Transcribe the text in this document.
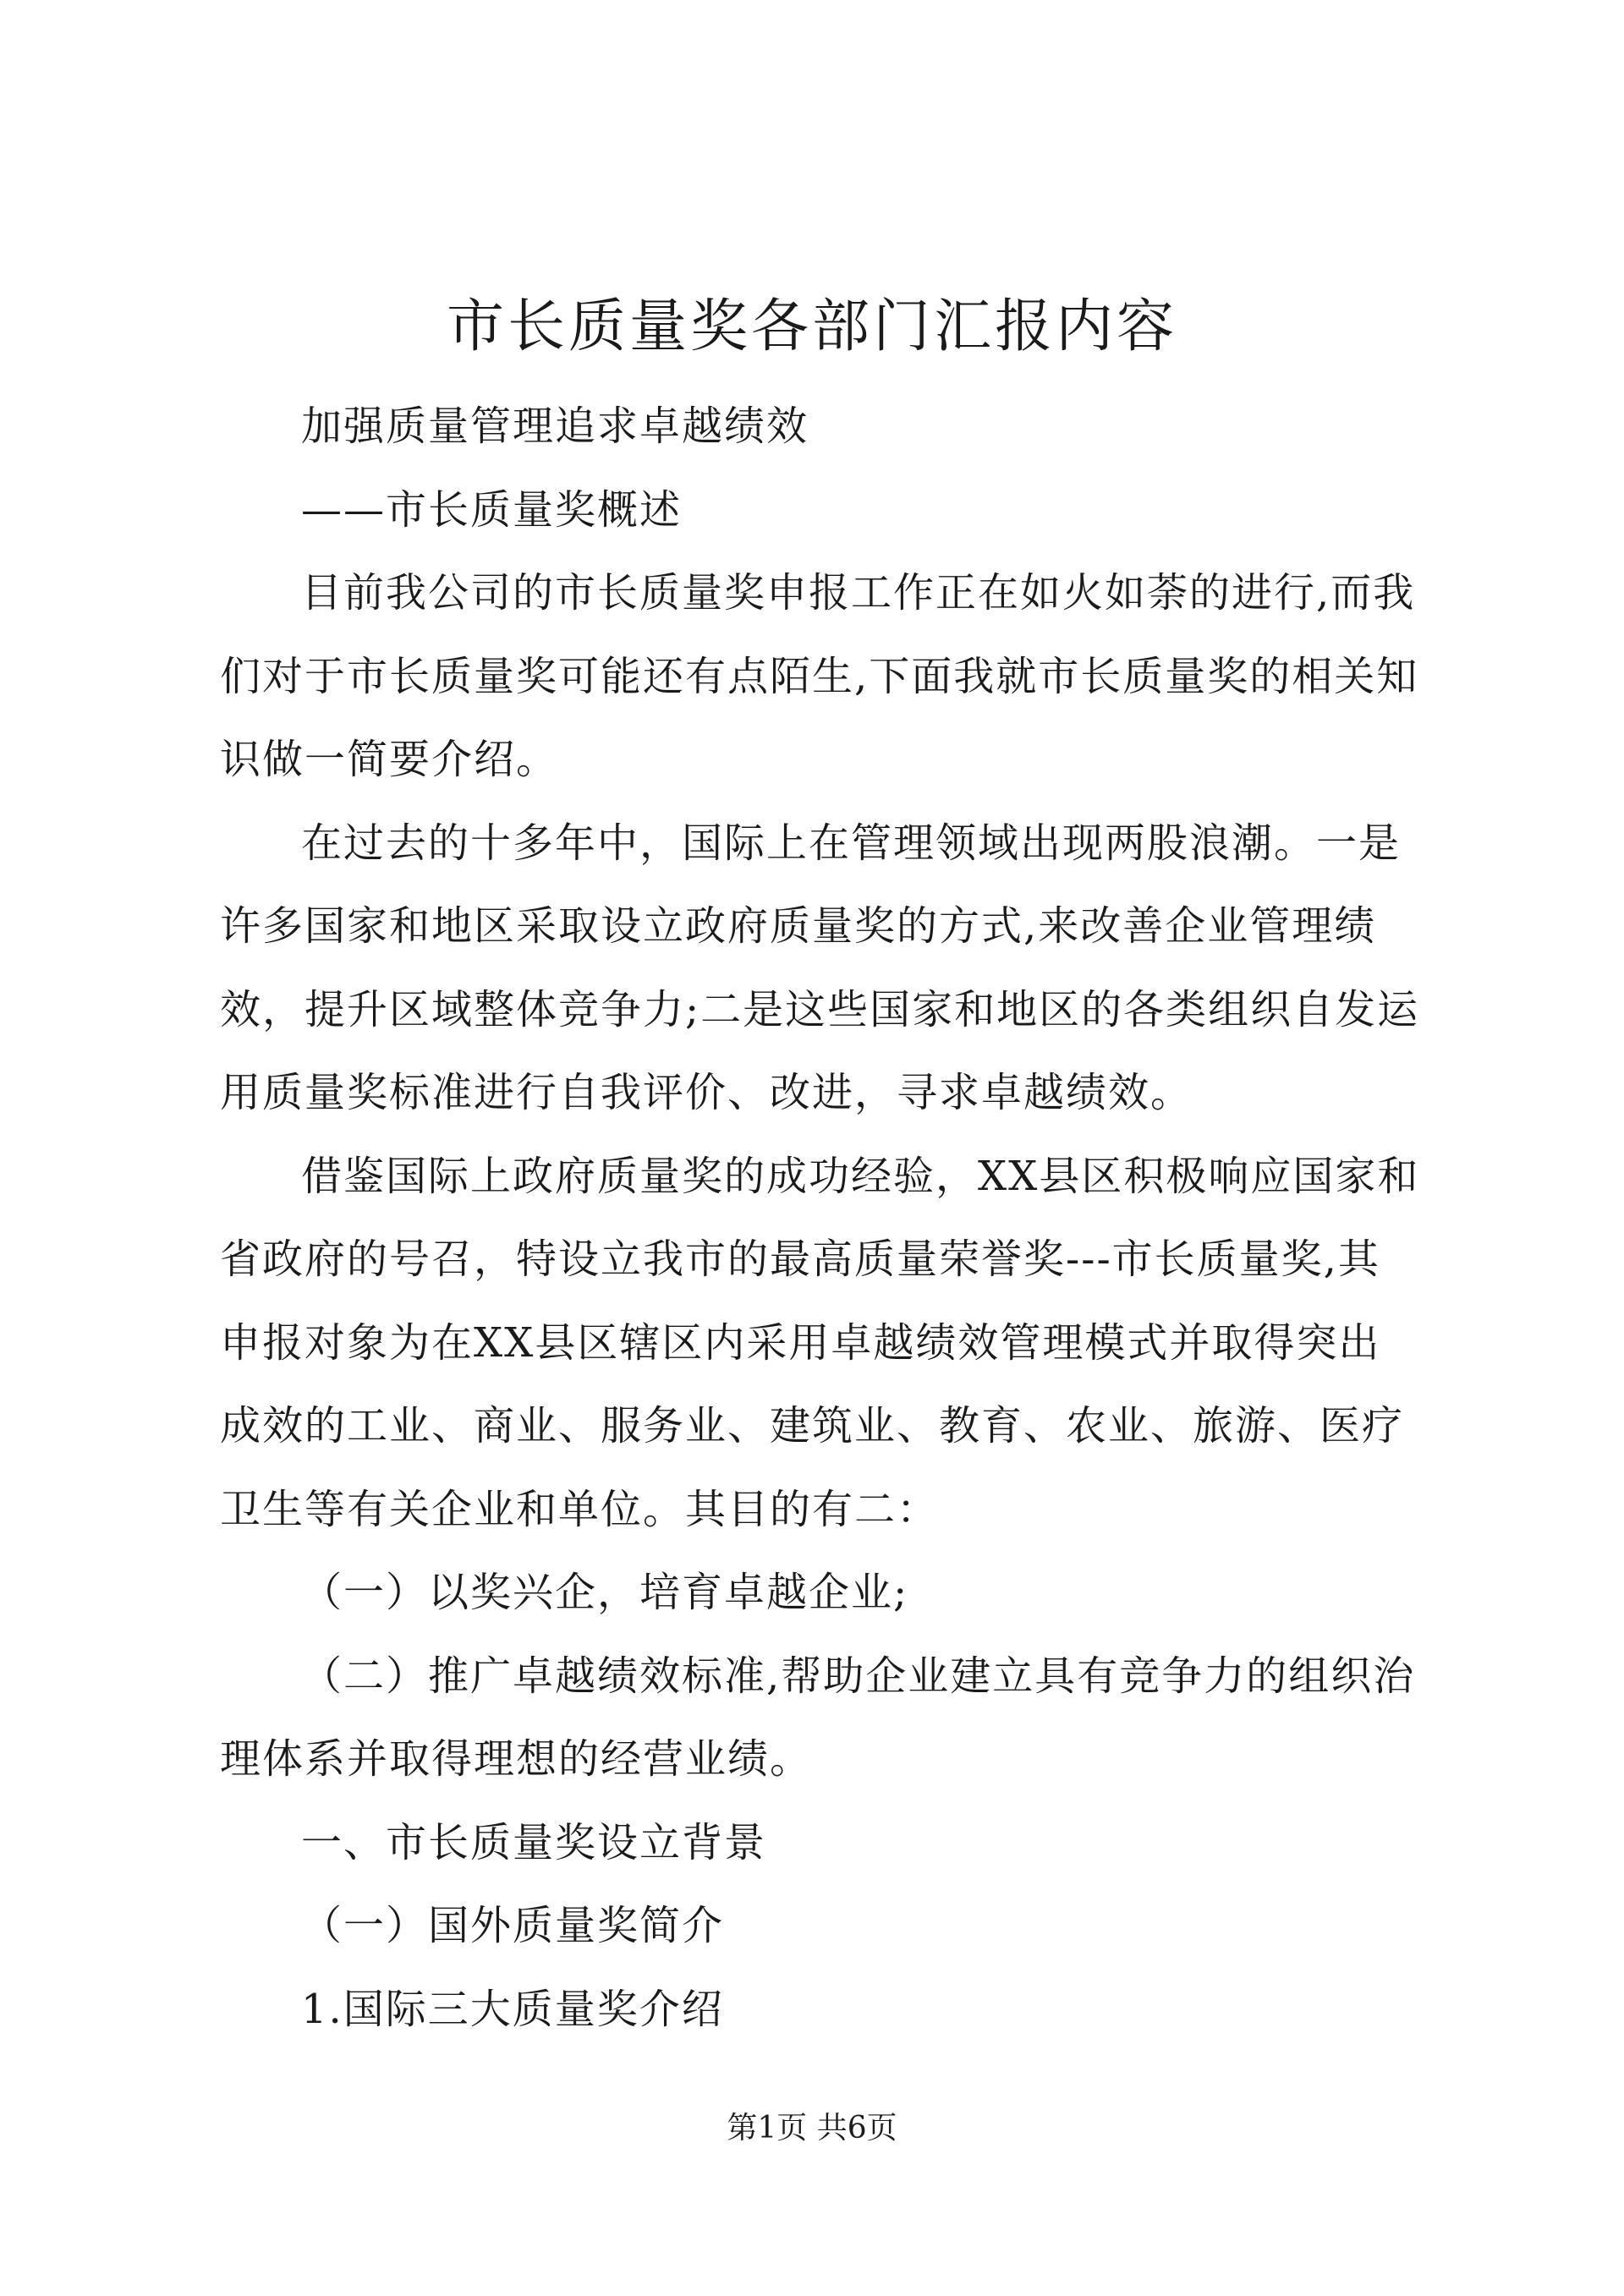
市长质量奖各部门汇报内容

加强质量管理追求卓越绩效

——市长质量奖概述

目前我公司的市长质量奖申报工作正在如火如荼的进行,而我们对于市长质量奖可能还有点陌生,下面我就市长质量奖的相关知识做一简要介绍。

在过去的十多年中，国际上在管理领域出现两股浪潮。一是许多国家和地区采取设立政府质量奖的方式,来改善企业管理绩效，提升区域整体竞争力;二是这些国家和地区的各类组织自发运用质量奖标准进行自我评价、改进，寻求卓越绩效。

借鉴国际上政府质量奖的成功经验，XX县区积极响应国家和省政府的号召，特设立我市的最高质量荣誉奖---市长质量奖,其申报对象为在XX县区辖区内采用卓越绩效管理模式并取得突出成效的工业、商业、服务业、建筑业、教育、农业、旅游、医疗卫生等有关企业和单位。其目的有二：

（一）以奖兴企，培育卓越企业;

（二）推广卓越绩效标准,帮助企业建立具有竞争力的组织治理体系并取得理想的经营业绩。

一、市长质量奖设立背景

（一）国外质量奖简介

1.国际三大质量奖介绍

第1页 共6页
